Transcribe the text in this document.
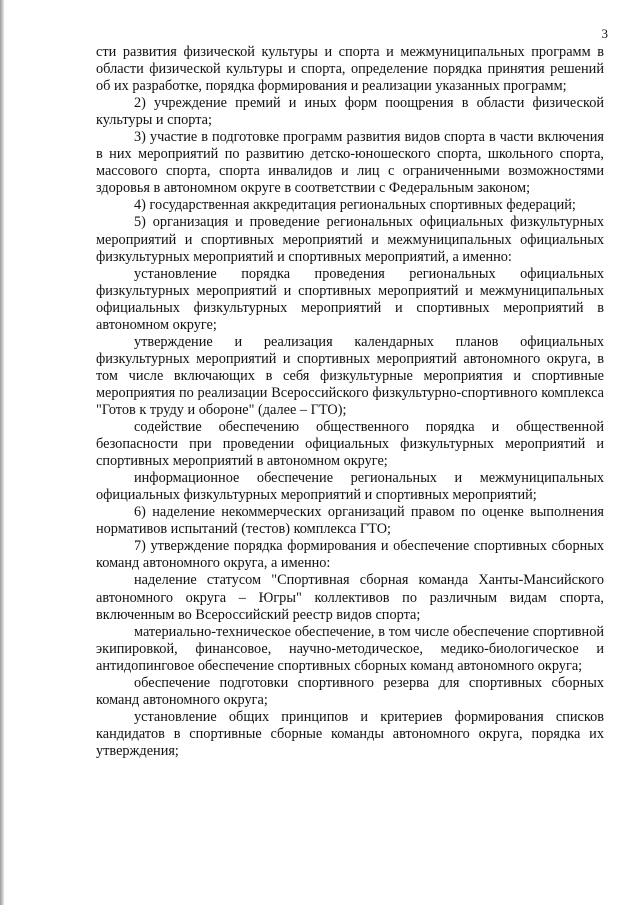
3

сти развития физической культуры и спорта и межмуниципальных программ в области физической культуры и спорта, определение порядка принятия решений об их разработке, порядка формирования и реализации указанных программ;

2) учреждение премий и иных форм поощрения в области физической культуры и спорта;

3) участие в подготовке программ развития видов спорта в части включения в них мероприятий по развитию детско-юношеского спорта, школьного спорта, массового спорта, спорта инвалидов и лиц с ограниченными возможностями здоровья в автономном округе в соответствии с Федеральным законом;

4) государственная аккредитация региональных спортивных федераций;

5) организация и проведение региональных официальных физкультурных мероприятий и спортивных мероприятий и межмуниципальных официальных физкультурных мероприятий и спортивных мероприятий, а именно:

установление порядка проведения региональных официальных физкультурных мероприятий и спортивных мероприятий и межмуниципальных официальных физкультурных мероприятий и спортивных мероприятий в автономном округе;

утверждение и реализация календарных планов официальных физкультурных мероприятий и спортивных мероприятий автономного округа, в том числе включающих в себя физкультурные мероприятия и спортивные мероприятия по реализации Всероссийского физкультурно-спортивного комплекса "Готов к труду и обороне" (далее – ГТО);

содействие обеспечению общественного порядка и общественной безопасности при проведении официальных физкультурных мероприятий и спортивных мероприятий в автономном округе;

информационное обеспечение региональных и межмуниципальных официальных физкультурных мероприятий и спортивных мероприятий;

6) наделение некоммерческих организаций правом по оценке выполнения нормативов испытаний (тестов) комплекса ГТО;

7) утверждение порядка формирования и обеспечение спортивных сборных команд автономного округа, а именно:

наделение статусом "Спортивная сборная команда Ханты-Мансийского автономного округа – Югры" коллективов по различным видам спорта, включенным во Всероссийский реестр видов спорта;

материально-техническое обеспечение, в том числе обеспечение спортивной экипировкой, финансовое, научно-методическое, медико-биологическое и антидопинговое обеспечение спортивных сборных команд автономного округа;

обеспечение подготовки спортивного резерва для спортивных сборных команд автономного округа;

установление общих принципов и критериев формирования списков кандидатов в спортивные сборные команды автономного округа, порядка их утверждения;
